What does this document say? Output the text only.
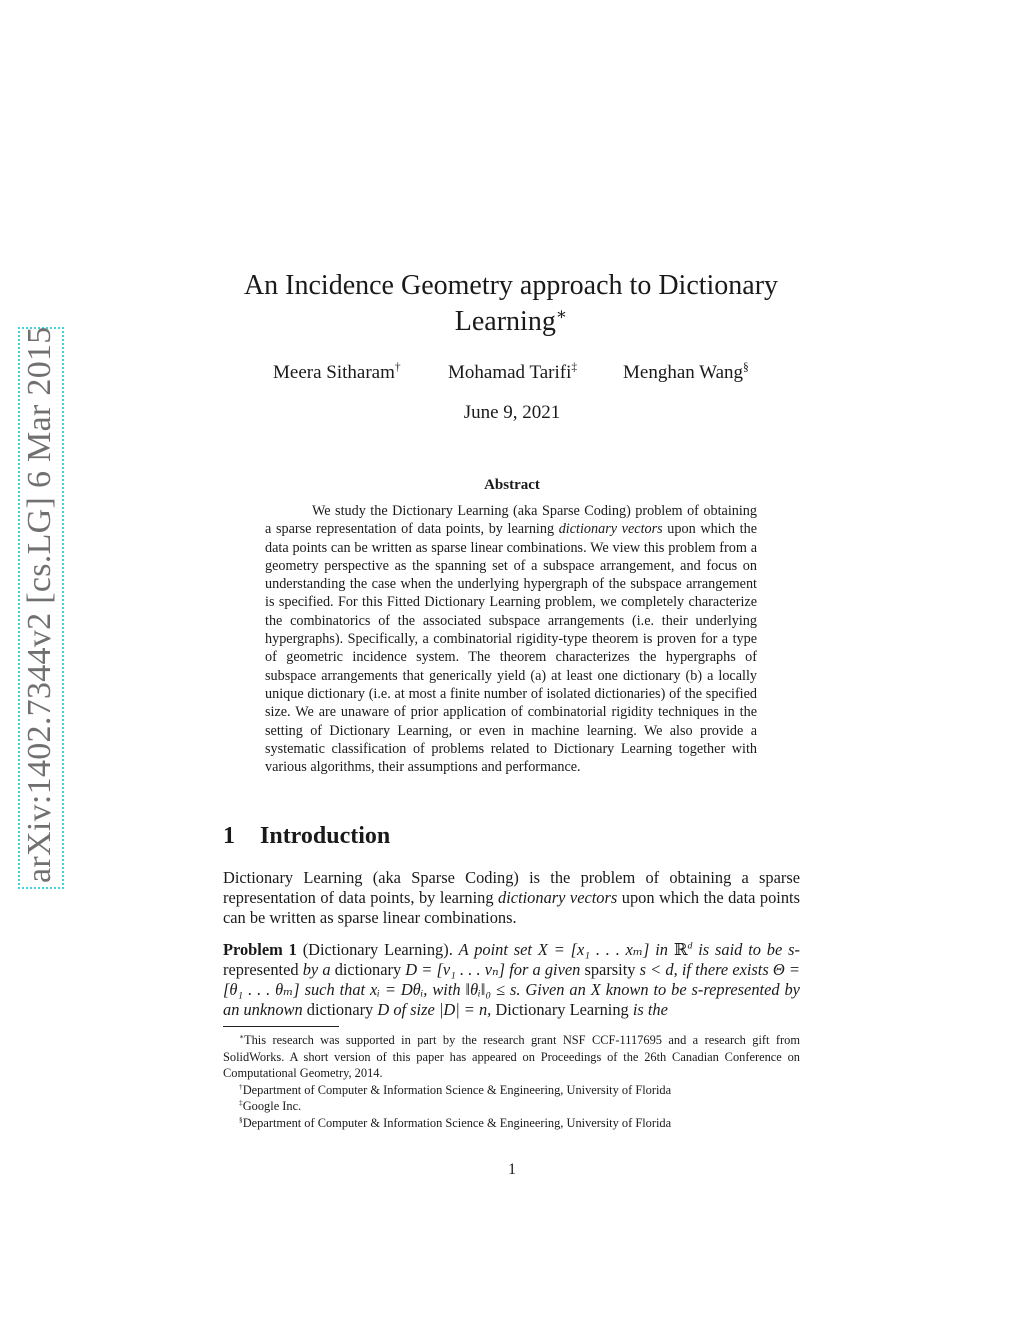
arXiv:1402.7344v2 [cs.LG] 6 Mar 2015
An Incidence Geometry approach to Dictionary
Learning∗
Meera Sitharam† Mohamad Tarifi‡ Menghan Wang§
June 9, 2021
Abstract
We study the Dictionary Learning (aka Sparse Coding) problem of obtaining a sparse representation of data points, by learning dictionary vectors upon which the data points can be written as sparse linear combinations. We view this problem from a geometry perspective as the spanning set of a subspace arrangement, and focus on understanding the case when the underlying hypergraph of the subspace arrangement is specified. For this Fitted Dictionary Learning problem, we completely characterize the combinatorics of the associated subspace arrangements (i.e. their underlying hypergraphs). Specifically, a combinatorial rigidity-type theorem is proven for a type of geometric incidence system. The theorem characterizes the hypergraphs of subspace arrangements that generically yield (a) at least one dictionary (b) a locally unique dictionary (i.e. at most a finite number of isolated dictionaries) of the specified size. We are unaware of prior application of combinatorial rigidity techniques in the setting of Dictionary Learning, or even in machine learning. We also provide a systematic classification of problems related to Dictionary Learning together with various algorithms, their assumptions and performance.
1 Introduction
Dictionary Learning (aka Sparse Coding) is the problem of obtaining a sparse representation of data points, by learning dictionary vectors upon which the data points can be written as sparse linear combinations.
Problem 1 (Dictionary Learning). A point set X = [x₁ . . . xₘ] in ℝ$^d$ is said to be s-represented by a dictionary D = [v₁ . . . vₙ] for a given sparsity s < d, if there exists Θ = [θ₁ . . . θₘ] such that xᵢ = Dθᵢ, with ‖θᵢ‖₀ ≤ s. Given an X known to be s-represented by an unknown dictionary D of size |D| = n, Dictionary Learning is the

∗This research was supported in part by the research grant NSF CCF-1117695 and a research gift from SolidWorks. A short version of this paper has appeared on Proceedings of the 26th Canadian Conference on Computational Geometry, 2014.

†Department of Computer & Information Science & Engineering, University of Florida

‡Google Inc.

§Department of Computer & Information Science & Engineering, University of Florida

1
